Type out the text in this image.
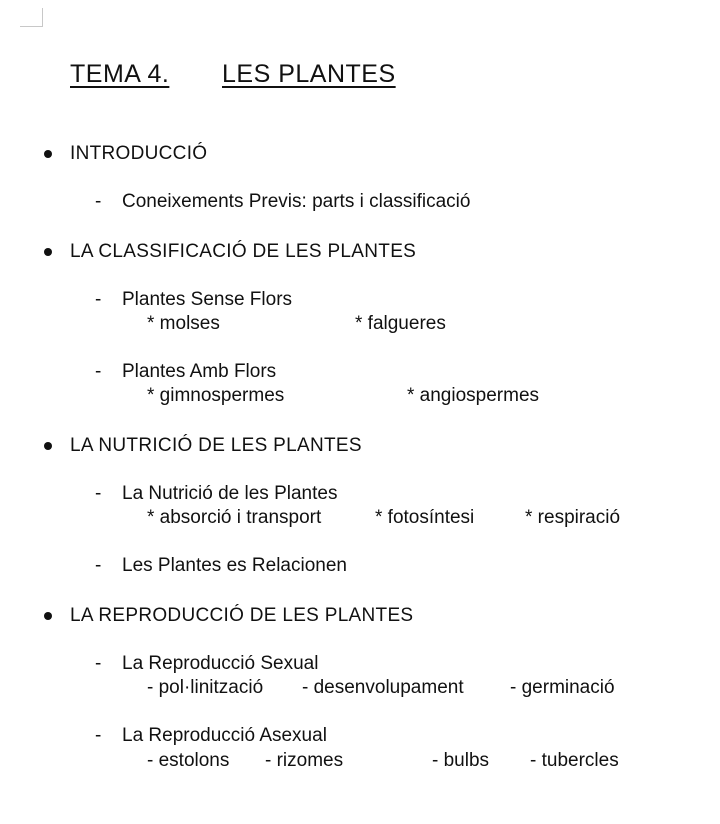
TEMA 4. LES PLANTES
INTRODUCCIÓ
- Coneixements Previs: parts i classificació
LA CLASSIFICACIÓ DE LES PLANTES
- Plantes Sense Flors
* molses	* falgueres
- Plantes Amb Flors
* gimnospermes	* angiospermes
LA NUTRICIÓ DE LES PLANTES
- La Nutrició de les Plantes
* absorció i transport	* fotosíntesi	* respiració
- Les Plantes es Relacionen
LA REPRODUCCIÓ DE LES PLANTES
- La Reproducció Sexual
- pol·linització - desenvolupament - germinació
- La Reproducció Asexual
- estolons - rizomes	- bulbs - tubercles
